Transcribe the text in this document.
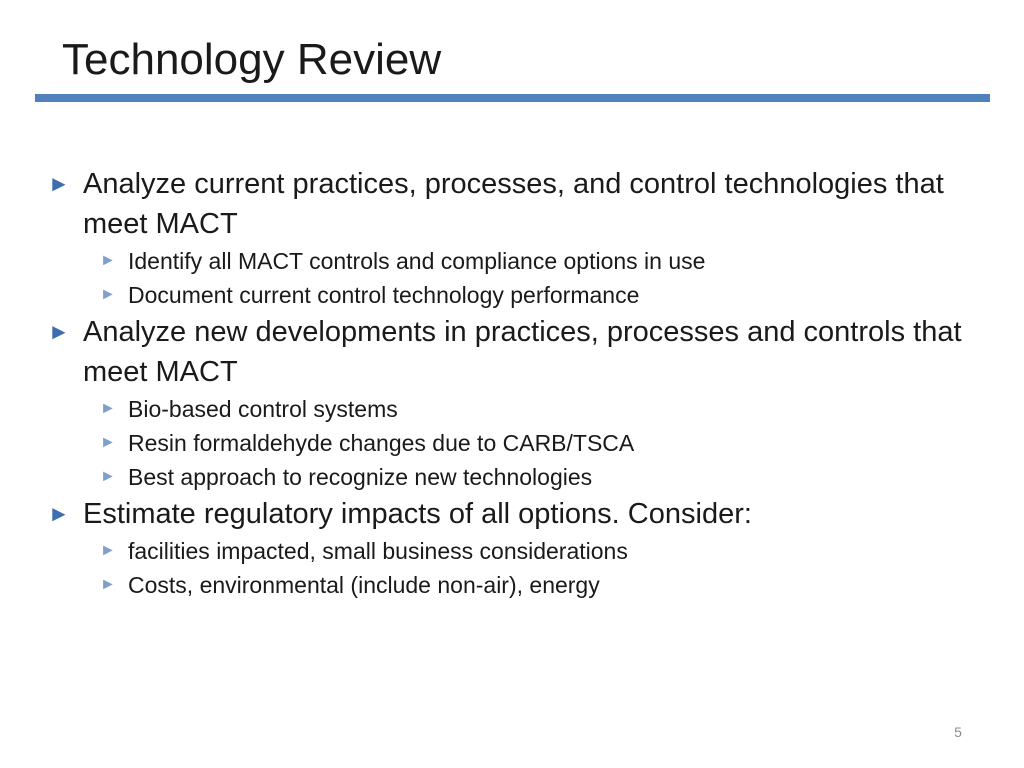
Technology Review
► Analyze current practices, processes, and control technologies that meet MACT
► Identify all MACT controls and compliance options in use
► Document current control technology performance
► Analyze new developments in practices, processes and controls that meet MACT
► Bio-based control systems
► Resin formaldehyde changes due to CARB/TSCA
► Best approach to recognize new technologies
► Estimate regulatory impacts of all options. Consider:
► facilities impacted, small business considerations
► Costs, environmental (include non-air), energy
5
